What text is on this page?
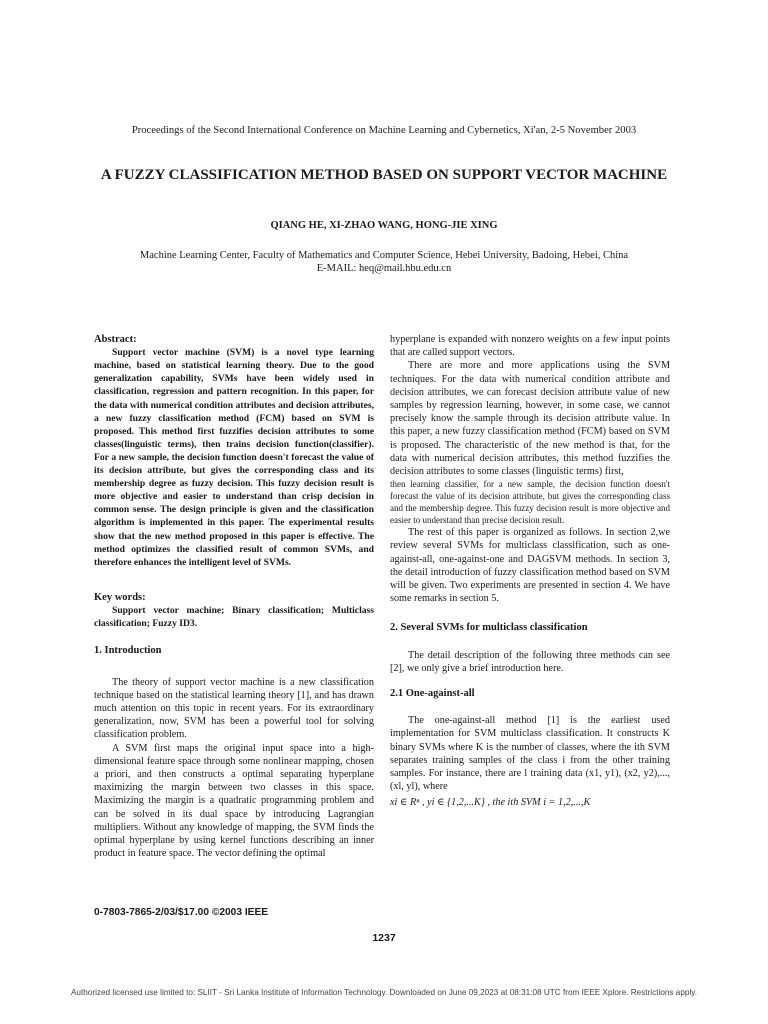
Proceedings of the Second International Conference on Machine Learning and Cybernetics, Xi'an, 2-5 November 2003
A FUZZY CLASSIFICATION METHOD BASED ON SUPPORT VECTOR MACHINE
QIANG HE, XI-ZHAO WANG, HONG-JIE XING
Machine Learning Center, Faculty of Mathematics and Computer Science, Hebei University, Badoing, Hebei, China
E-MAIL: heq@mail.hbu.edu.cn

Abstract:

Support vector machine (SVM) is a novel type learning machine, based on statistical learning theory. Due to the good generalization capability, SVMs have been widely used in classification, regression and pattern recognition. In this paper, for the data with numerical condition attributes and decision attributes, a new fuzzy classification method (FCM) based on SVM is proposed. This method first fuzzifies decision attributes to some classes(linguistic terms), then trains decision function(classifier). For a new sample, the decision function doesn't forecast the value of its decision attribute, but gives the corresponding class and its membership degree as fuzzy decision. This fuzzy decision result is more objective and easier to understand than crisp decision in common sense. The design principle is given and the classification algorithm is implemented in this paper. The experimental results show that the new method proposed in this paper is effective. The method optimizes the classified result of common SVMs, and therefore enhances the intelligent level of SVMs.

Key words:

Support vector machine; Binary classification; Multiclass classification; Fuzzy ID3.

1. Introduction

The theory of support vector machine is a new classification technique based on the statistical learning theory [1], and has drawn much attention on this topic in recent years. For its extraordinary generalization, now, SVM has been a powerful tool for solving classification problem.

A SVM first maps the original input space into a high-dimensional feature space through some nonlinear mapping, chosen a priori, and then constructs a optimal separating hyperplane maximizing the margin between two classes in this space. Maximizing the margin is a quadratic programming problem and can be solved in its dual space by introducing Lagrangian multipliers. Without any knowledge of mapping, the SVM finds the optimal hyperplane by using kernel functions describing an inner product in feature space. The vector defining the optimal

hyperplane is expanded with nonzero weights on a few input points that are called support vectors.

There are more and more applications using the SVM techniques. For the data with numerical condition attribute and decision attributes, we can forecast decision attribute value of new samples by regression learning, however, in some case, we cannot precisely know the sample through its decision attribute value. In this paper, a new fuzzy classification method (FCM) based on SVM is proposed. The characteristic of the new method is that, for the data with numerical decision attributes, this method fuzzifies the decision attributes to some classes (linguistic terms) first,

then learning classifier, for a new sample, the decision function doesn't forecast the value of its decision attribute, but gives the corresponding class and the membership degree. This fuzzy decision result is more objective and easier to understand than precise decision result.

The rest of this paper is organized as follows. In section 2,we review several SVMs for multiclass classification, such as one-against-all, one-against-one and DAGSVM methods. In section 3, the detail introduction of fuzzy classification method based on SVM will be given. Two experiments are presented in section 4. We have some remarks in section 5.

2. Several SVMs for multiclass classification

The detail description of the following three methods can see [2], we only give a brief introduction here.

2.1 One-against-all

The one-against-all method [1] is the earliest used implementation for SVM multiclass classification. It constructs K binary SVMs where K is the number of classes, where the ith SVM separates training samples of the class i from the other training samples. For instance, there are l training data (x1, y1), (x2, y2),..., (xl, yl), where

xi ∈ Rⁿ , yi ∈ {1,2,...K} , the ith SVM i = 1,2,...,K

0-7803-7865-2/03/$17.00 ©2003 IEEE
1237
Authorized licensed use limited to: SLIIT - Sri Lanka Institute of Information Technology. Downloaded on June 09,2023 at 08:31:08 UTC from IEEE Xplore. Restrictions apply.
